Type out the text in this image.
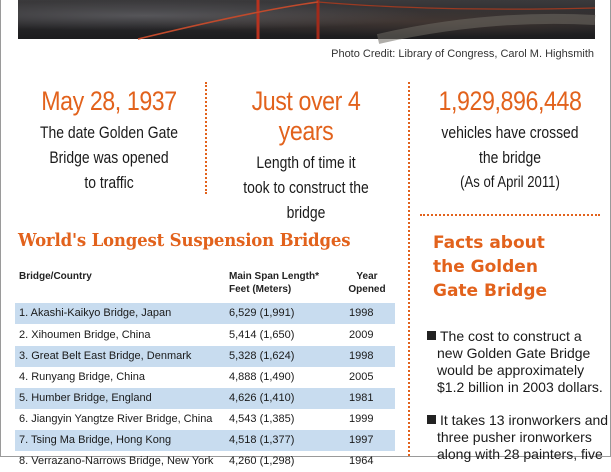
Photo Credit: Library of Congress, Carol M. Highsmith
May 28, 1937
The date Golden Gate
Bridge was opened
to traffic
Just over 4 years
Length of time it
took to construct the
bridge
1,929,896,448
vehicles have crossed
the bridge
(As of April 2011)
World's Longest Suspension Bridges
Bridge/Country	Main Span Length*
Feet (Meters)
Year
Opened
1. Akashi-Kaikyo Bridge, Japan	6,529 (1,991)	1998
2. Xihoumen Bridge, China	5,414 (1,650)	2009
3. Great Belt East Bridge, Denmark	5,328 (1,624)	1998
4. Runyang Bridge, China	4,888 (1,490)	2005
5. Humber Bridge, England	4,626 (1,410)	1981
6. Jiangyin Yangtze River Bridge, China 4,543 (1,385)	1999
7. Tsing Ma Bridge, Hong Kong	4,518 (1,377)	1997
8. Verrazano-Narrows Bridge, New York 4,260 (1,298)	1964
Facts about
the Golden
Gate Bridge
The cost to construct a
new Golden Gate Bridge
would be approximately
$1.2 billion in 2003 dollars.
It takes 13 ironworkers and
three pusher ironworkers
along with 28 painters, five
